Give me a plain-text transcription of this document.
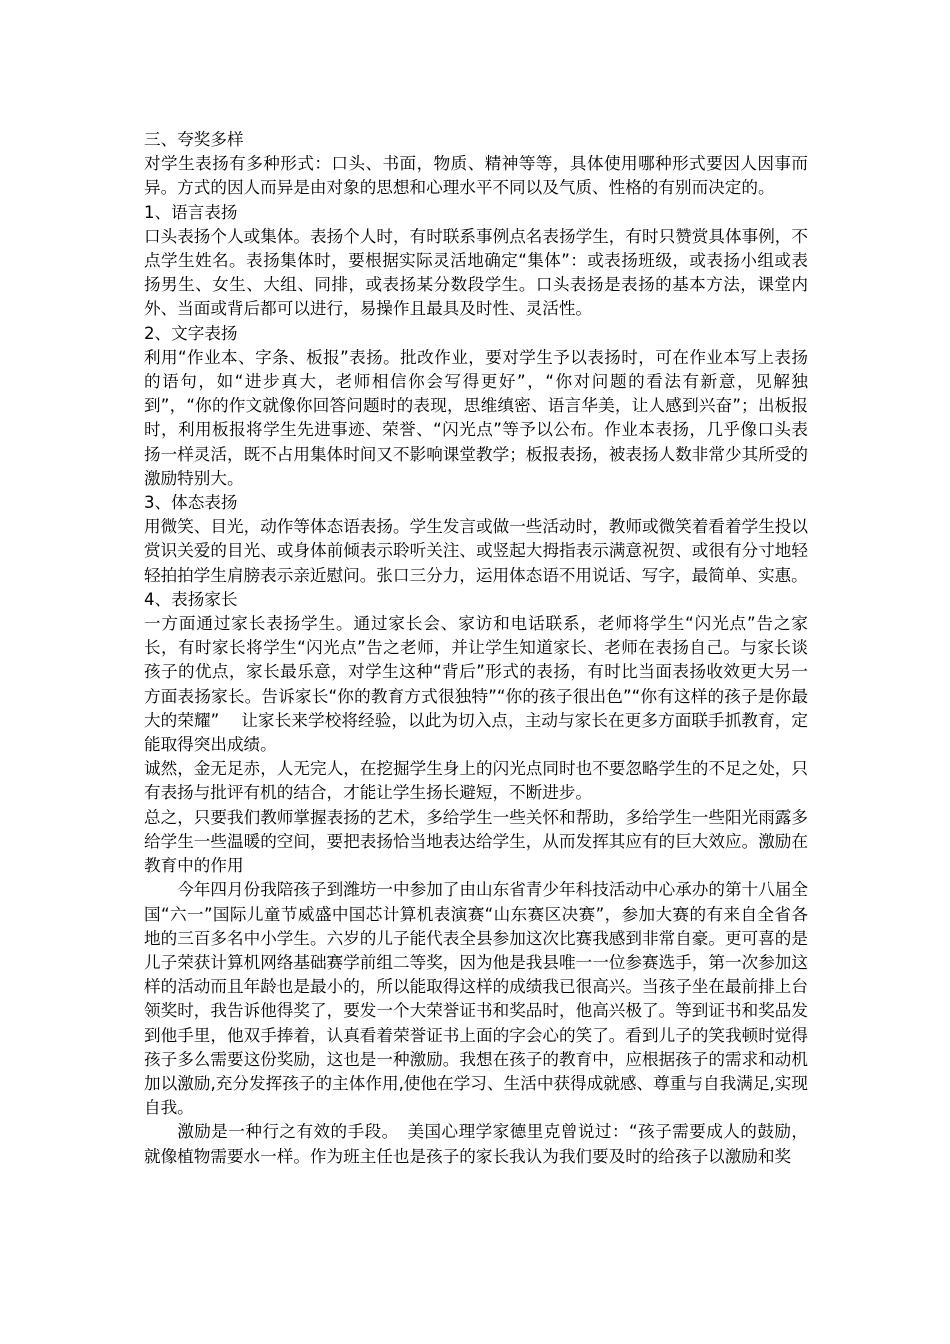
三、夸奖多样

对学生表扬有多种形式：口头、书面，物质、精神等等，具体使用哪种形式要因人因事而异。方式的因人而异是由对象的思想和心理水平不同以及气质、性格的有别而决定的。

1、语言表扬

口头表扬个人或集体。表扬个人时，有时联系事例点名表扬学生，有时只赞赏具体事例，不点学生姓名。表扬集体时，要根据实际灵活地确定“集体”：或表扬班级，或表扬小组或表扬男生、女生、大组、同排，或表扬某分数段学生。口头表扬是表扬的基本方法，课堂内外、当面或背后都可以进行，易操作且最具及时性、灵活性。

2、文字表扬

利用“作业本、字条、板报”表扬。批改作业，要对学生予以表扬时，可在作业本写上表扬的语句，如“进步真大，老师相信你会写得更好”，“你对问题的看法有新意，见解独到”，“你的作文就像你回答问题时的表现，思维缜密、语言华美，让人感到兴奋”；出板报时，利用板报将学生先进事迹、荣誉、“闪光点”等予以公布。作业本表扬，几乎像口头表扬一样灵活，既不占用集体时间又不影响课堂教学；板报表扬，被表扬人数非常少其所受的激励特别大。

3、体态表扬

用微笑、目光，动作等体态语表扬。学生发言或做一些活动时，教师或微笑着看着学生投以赏识关爱的目光、或身体前倾表示聆听关注、或竖起大拇指表示满意祝贺、或很有分寸地轻轻拍拍学生肩膀表示亲近慰问。张口三分力，运用体态语不用说话、写字，最简单、实惠。

4、表扬家长

一方面通过家长表扬学生。通过家长会、家访和电话联系，老师将学生“闪光点”告之家长，有时家长将学生“闪光点”告之老师，并让学生知道家长、老师在表扬自己。与家长谈孩子的优点，家长最乐意，对学生这种“背后”形式的表扬，有时比当面表扬收效更大另一方面表扬家长。告诉家长“你的教育方式很独特”“你的孩子很出色”“你有这样的孩子是你最大的荣耀”　 让家长来学校将经验，以此为切入点，主动与家长在更多方面联手抓教育，定能取得突出成绩。

诚然，金无足赤，人无完人，在挖掘学生身上的闪光点同时也不要忽略学生的不足之处，只有表扬与批评有机的结合，才能让学生扬长避短，不断进步。

总之，只要我们教师掌握表扬的艺术，多给学生一些关怀和帮助，多给学生一些阳光雨露多给学生一些温暖的空间，要把表扬恰当地表达给学生，从而发挥其应有的巨大效应。激励在教育中的作用

今年四月份我陪孩子到潍坊一中参加了由山东省青少年科技活动中心承办的第十八届全国“六一”国际儿童节威盛中国芯计算机表演赛“山东赛区决赛”，参加大赛的有来自全省各地的三百多名中小学生。六岁的儿子能代表全县参加这次比赛我感到非常自豪。更可喜的是儿子荣获计算机网络基础赛学前组二等奖，因为他是我县唯一一位参赛选手，第一次参加这样的活动而且年龄也是最小的，所以能取得这样的成绩我已很高兴。当孩子坐在最前排上台领奖时，我告诉他得奖了，要发一个大荣誉证书和奖品时，他高兴极了。等到证书和奖品发到他手里，他双手捧着，认真看着荣誉证书上面的字会心的笑了。看到儿子的笑我顿时觉得孩子多么需要这份奖励，这也是一种激励。我想在孩子的教育中，应根据孩子的需求和动机加以激励,充分发挥孩子的主体作用,使他在学习、生活中获得成就感、尊重与自我满足,实现自我。

激励是一种行之有效的手段。　美国心理学家德里克曾说过：“孩子需要成人的鼓励，就像植物需要水一样。作为班主任也是孩子的家长我认为我们要及时的给孩子以激励和奖
